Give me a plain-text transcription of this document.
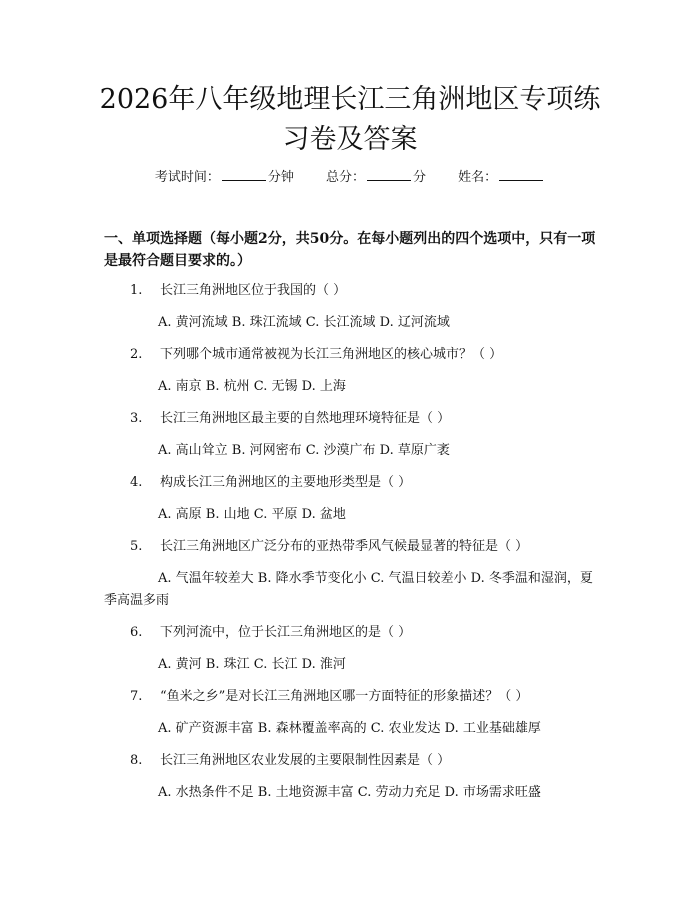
2026年八年级地理长江三角洲地区专项练习卷及答案
考试时间：	分钟 总分：	分 姓名：
一、单项选择题（每小题2分，共50分。在每小题列出的四个选项中，只有一项是最符合题目要求的。）
1.	长江三角洲地区位于我国的（ ）
A. 黄河流域 B. 珠江流域 C. 长江流域 D. 辽河流域
2.	下列哪个城市通常被视为长江三角洲地区的核心城市？（ ）
A. 南京 B. 杭州 C. 无锡 D. 上海
3.	长江三角洲地区最主要的自然地理环境特征是（ ）
A. 高山耸立 B. 河网密布 C. 沙漠广布 D. 草原广袤
4.	构成长江三角洲地区的主要地形类型是（ ）
A. 高原 B. 山地 C. 平原 D. 盆地
5.	长江三角洲地区广泛分布的亚热带季风气候最显著的特征是（ ）
A. 气温年较差大 B. 降水季节变化小 C. 气温日较差小 D. 冬季温和湿润，夏季高温多雨
6.	下列河流中，位于长江三角洲地区的是（ ）
A. 黄河 B. 珠江 C. 长江 D. 淮河
7.	“鱼米之乡”是对长江三角洲地区哪一方面特征的形象描述？（ ）
A. 矿产资源丰富 B. 森林覆盖率高的 C. 农业发达 D. 工业基础雄厚
8.	长江三角洲地区农业发展的主要限制性因素是（ ）
A. 水热条件不足 B. 土地资源丰富 C. 劳动力充足 D. 市场需求旺盛
